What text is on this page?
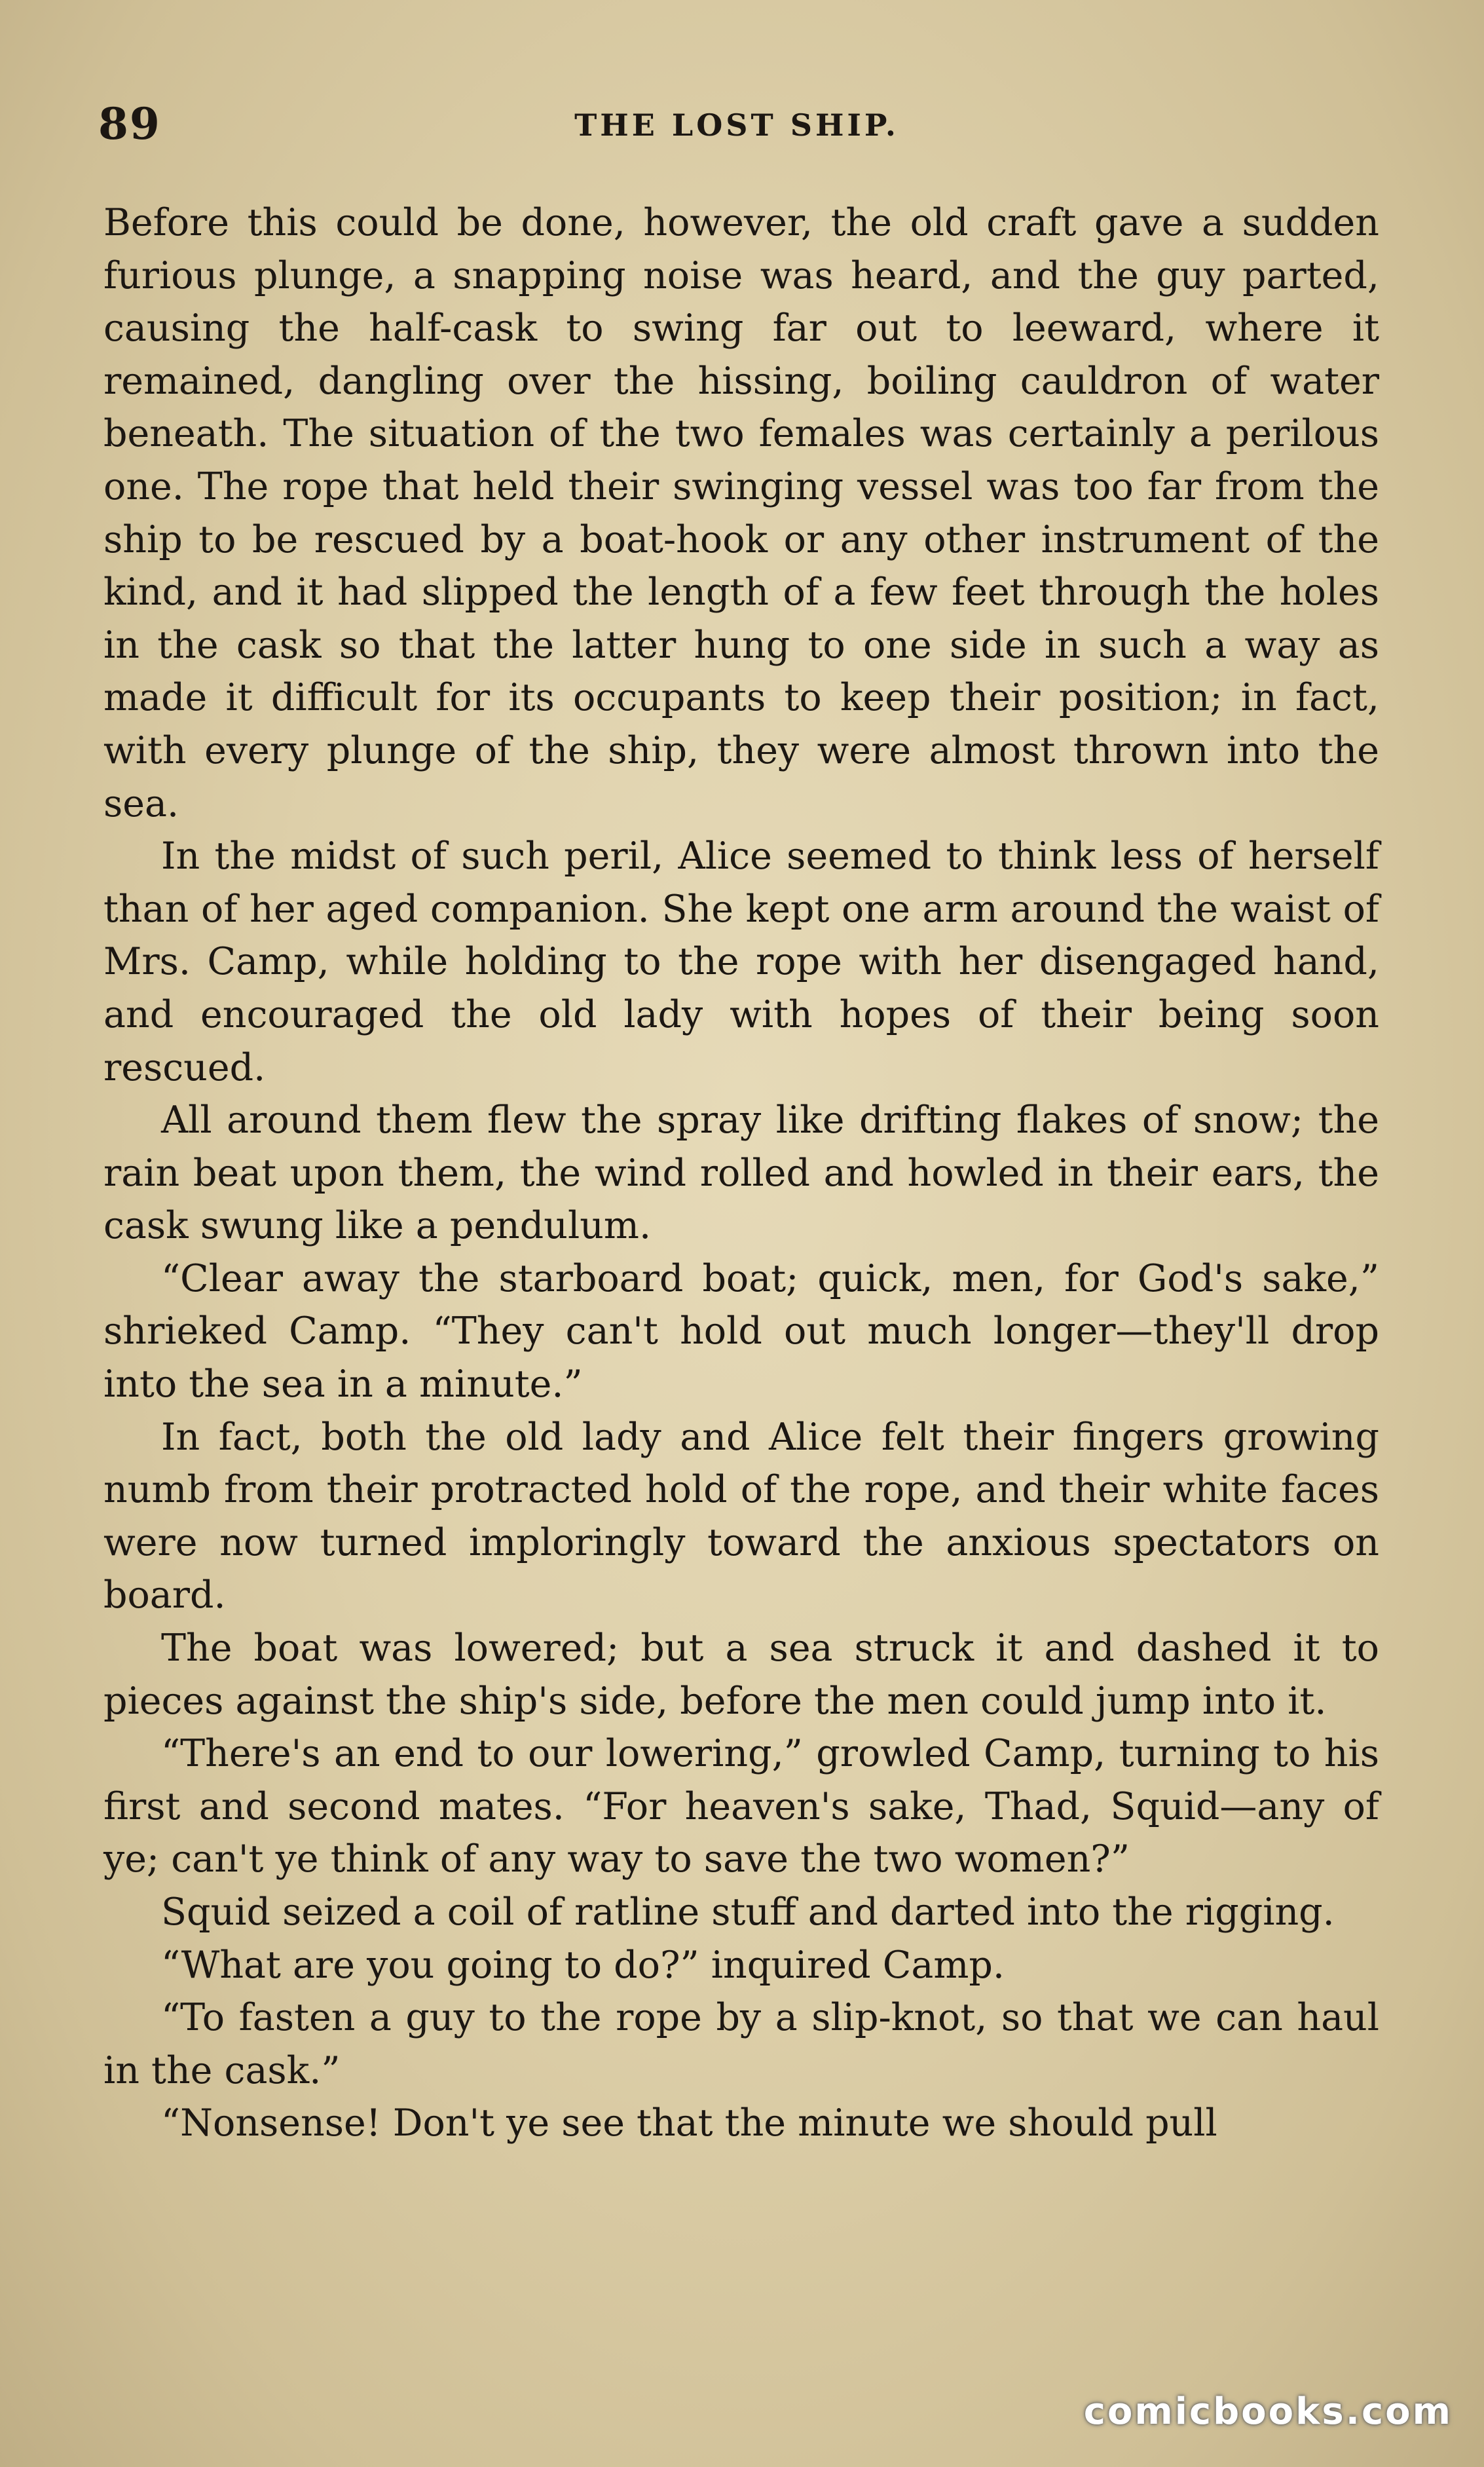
89	THE LOST SHIP.

Before this could be done, however, the old craft gave a sudden furious plunge, a snapping noise was heard, and the guy parted, causing the half-cask to swing far out to leeward, where it remained, dangling over the hissing, boiling cauldron of water beneath. The situation of the two females was certainly a perilous one. The rope that held their swinging vessel was too far from the ship to be rescued by a boat-hook or any other instrument of the kind, and it had slipped the length of a few feet through the holes in the cask so that the latter hung to one side in such a way as made it difficult for its occupants to keep their position; in fact, with every plunge of the ship, they were almost thrown into the sea.

In the midst of such peril, Alice seemed to think less of herself than of her aged companion. She kept one arm around the waist of Mrs. Camp, while holding to the rope with her disengaged hand, and encouraged the old lady with hopes of their being soon rescued.

All around them flew the spray like drifting flakes of snow; the rain beat upon them, the wind rolled and howled in their ears, the cask swung like a pendulum.

“Clear away the starboard boat; quick, men, for God's sake,” shrieked Camp. “They can't hold out much longer—they'll drop into the sea in a minute.”

In fact, both the old lady and Alice felt their fingers growing numb from their protracted hold of the rope, and their white faces were now turned imploringly toward the anxious spectators on board.

The boat was lowered; but a sea struck it and dashed it to pieces against the ship's side, before the men could jump into it.

“There's an end to our lowering,” growled Camp, turning to his first and second mates. “For heaven's sake, Thad, Squid—any of ye; can't ye think of any way to save the two women?”

Squid seized a coil of ratline stuff and darted into the rigging.

“What are you going to do?” inquired Camp.

“To fasten a guy to the rope by a slip-knot, so that we can haul in the cask.”

“Nonsense! Don't ye see that the minute we should pull

comicbooks.com
